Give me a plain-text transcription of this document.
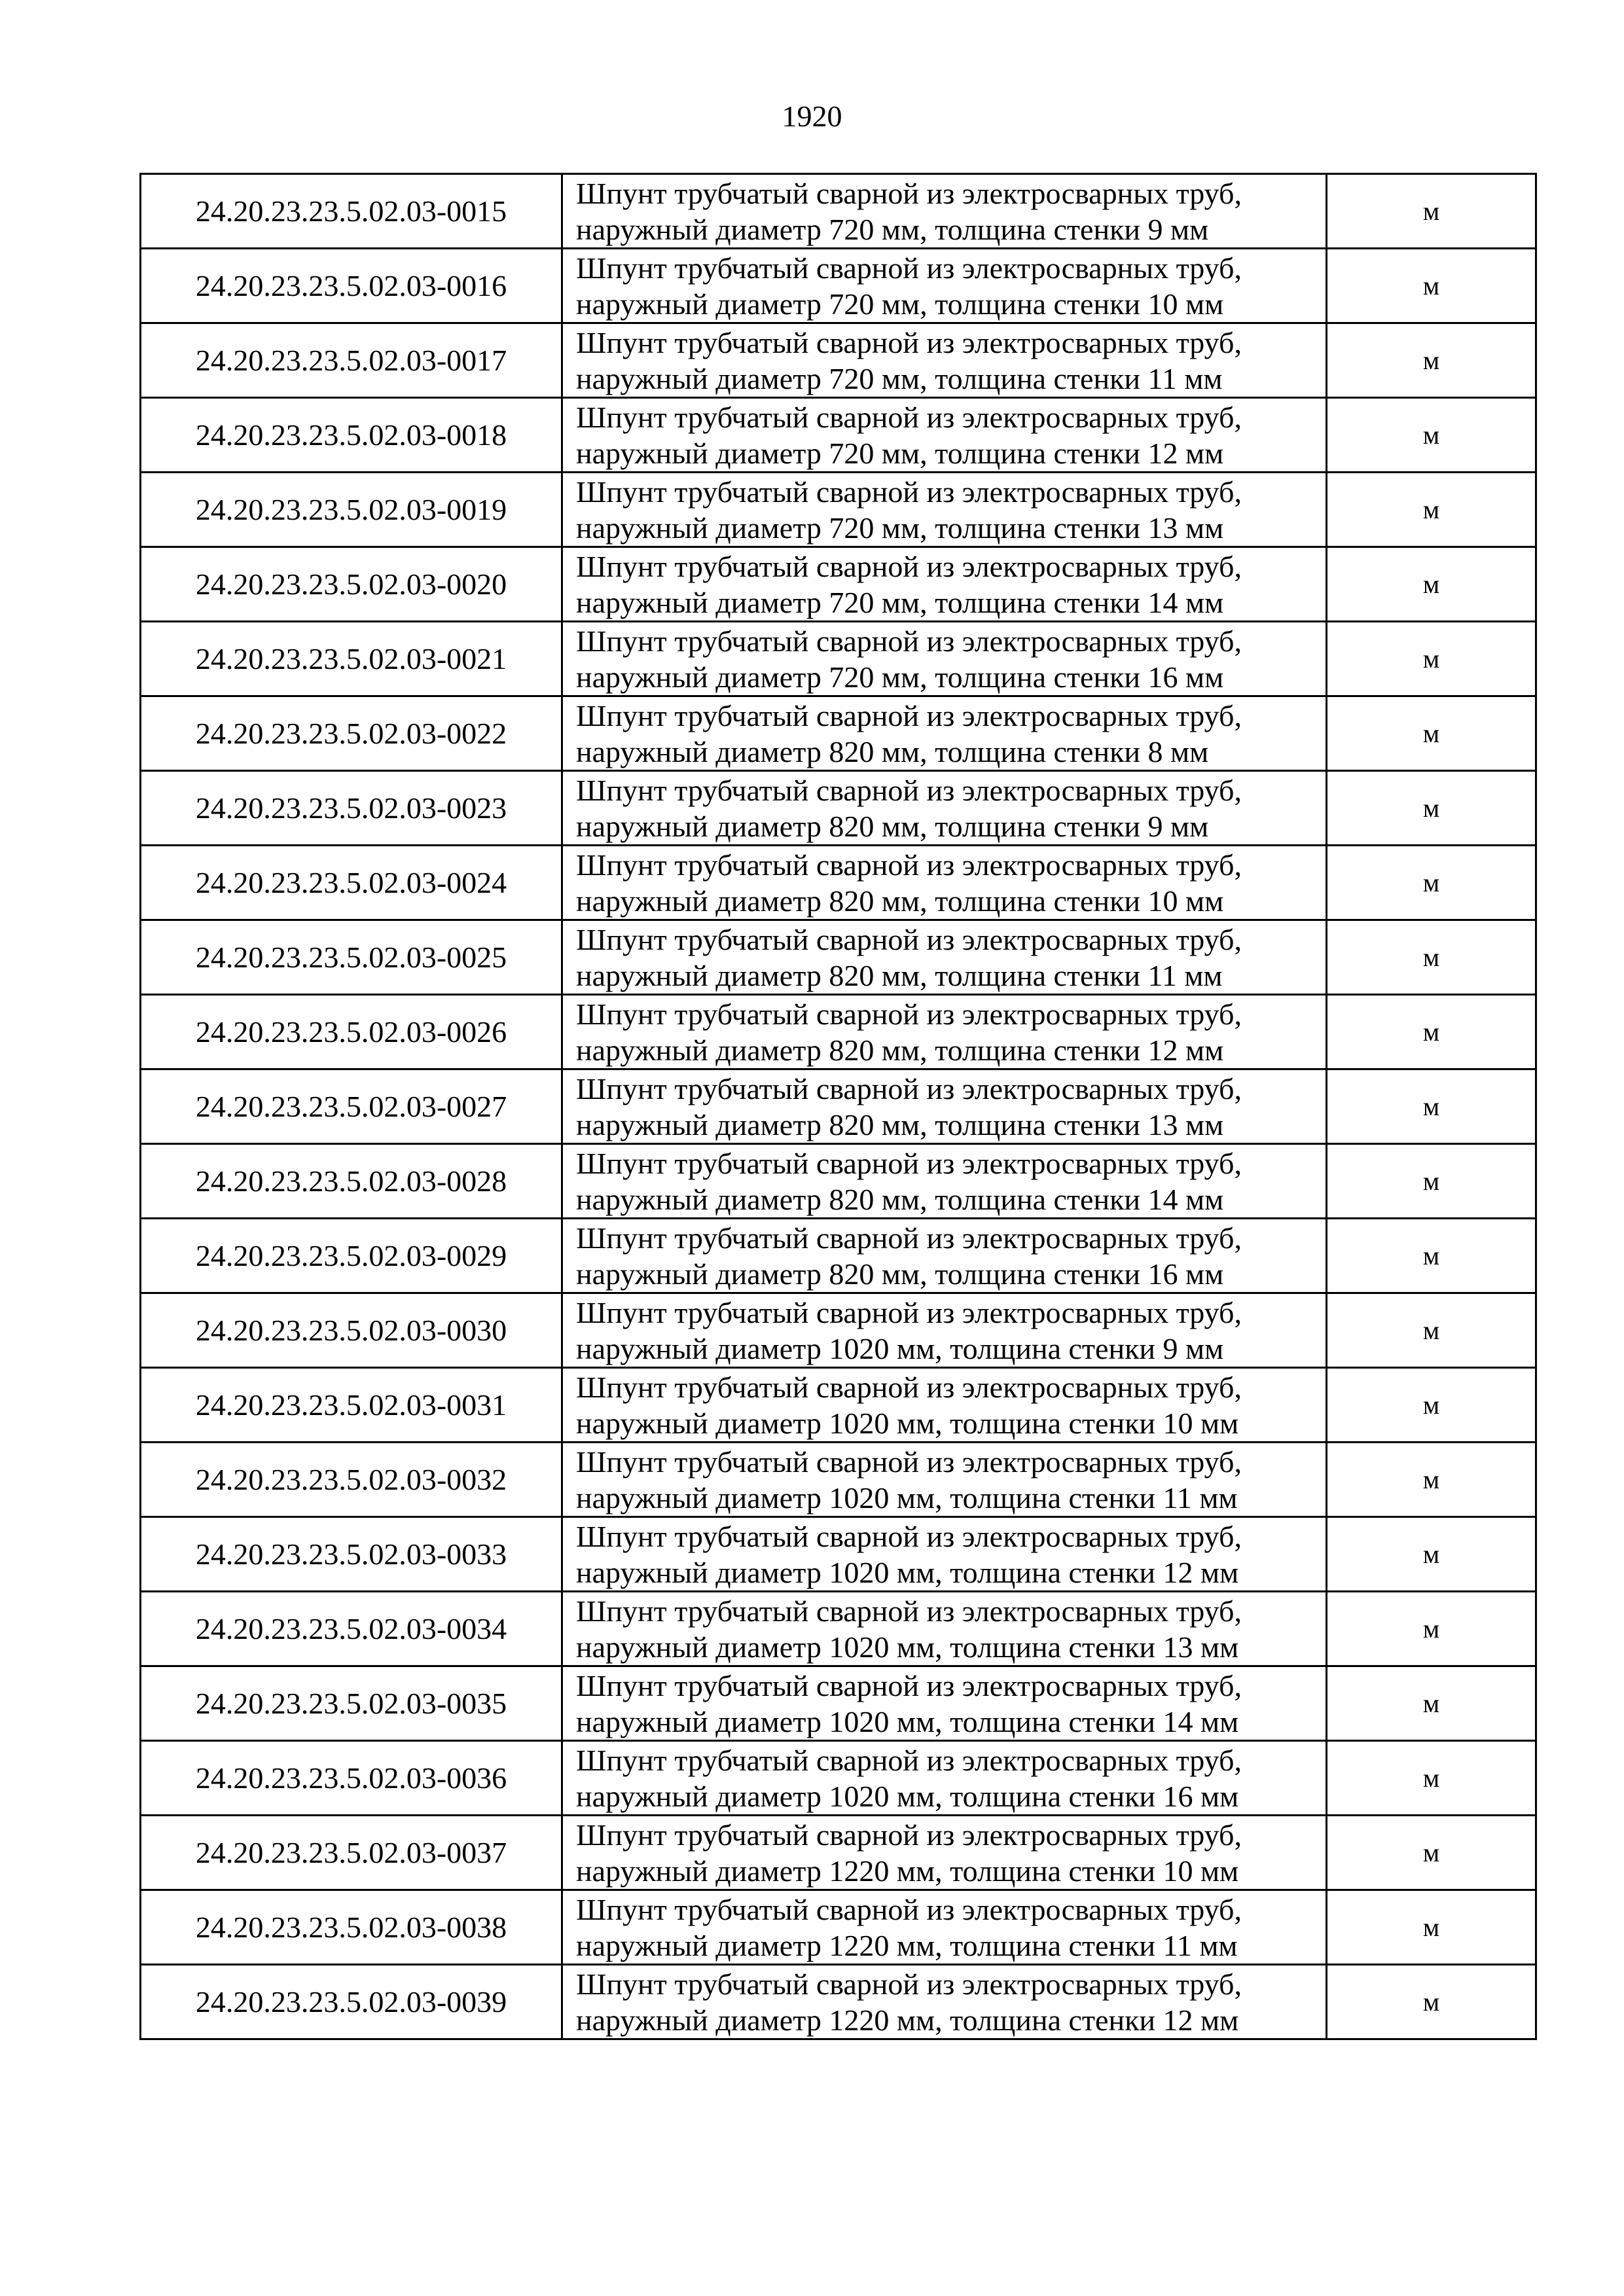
1920
24.20.23.23.5.02.03-0015	Шпунт трубчатый сварной из электросварных труб,
наружный диаметр 720 мм, толщина стенки 9 мм	м
24.20.23.23.5.02.03-0016	Шпунт трубчатый сварной из электросварных труб,
наружный диаметр 720 мм, толщина стенки 10 мм	м
24.20.23.23.5.02.03-0017	Шпунт трубчатый сварной из электросварных труб,
наружный диаметр 720 мм, толщина стенки 11 мм	м
24.20.23.23.5.02.03-0018	Шпунт трубчатый сварной из электросварных труб,
наружный диаметр 720 мм, толщина стенки 12 мм	м
24.20.23.23.5.02.03-0019	Шпунт трубчатый сварной из электросварных труб,
наружный диаметр 720 мм, толщина стенки 13 мм	м
24.20.23.23.5.02.03-0020	Шпунт трубчатый сварной из электросварных труб,
наружный диаметр 720 мм, толщина стенки 14 мм	м
24.20.23.23.5.02.03-0021	Шпунт трубчатый сварной из электросварных труб,
наружный диаметр 720 мм, толщина стенки 16 мм	м
24.20.23.23.5.02.03-0022	Шпунт трубчатый сварной из электросварных труб,
наружный диаметр 820 мм, толщина стенки 8 мм	м
24.20.23.23.5.02.03-0023	Шпунт трубчатый сварной из электросварных труб,
наружный диаметр 820 мм, толщина стенки 9 мм	м
24.20.23.23.5.02.03-0024	Шпунт трубчатый сварной из электросварных труб,
наружный диаметр 820 мм, толщина стенки 10 мм	м
24.20.23.23.5.02.03-0025	Шпунт трубчатый сварной из электросварных труб,
наружный диаметр 820 мм, толщина стенки 11 мм	м
24.20.23.23.5.02.03-0026	Шпунт трубчатый сварной из электросварных труб,
наружный диаметр 820 мм, толщина стенки 12 мм	м
24.20.23.23.5.02.03-0027	Шпунт трубчатый сварной из электросварных труб,
наружный диаметр 820 мм, толщина стенки 13 мм	м
24.20.23.23.5.02.03-0028	Шпунт трубчатый сварной из электросварных труб,
наружный диаметр 820 мм, толщина стенки 14 мм	м
24.20.23.23.5.02.03-0029	Шпунт трубчатый сварной из электросварных труб,
наружный диаметр 820 мм, толщина стенки 16 мм	м
24.20.23.23.5.02.03-0030	Шпунт трубчатый сварной из электросварных труб,
наружный диаметр 1020 мм, толщина стенки 9 мм	м
24.20.23.23.5.02.03-0031	Шпунт трубчатый сварной из электросварных труб,
наружный диаметр 1020 мм, толщина стенки 10 мм	м
24.20.23.23.5.02.03-0032	Шпунт трубчатый сварной из электросварных труб,
наружный диаметр 1020 мм, толщина стенки 11 мм	м
24.20.23.23.5.02.03-0033	Шпунт трубчатый сварной из электросварных труб,
наружный диаметр 1020 мм, толщина стенки 12 мм	м
24.20.23.23.5.02.03-0034	Шпунт трубчатый сварной из электросварных труб,
наружный диаметр 1020 мм, толщина стенки 13 мм	м
24.20.23.23.5.02.03-0035	Шпунт трубчатый сварной из электросварных труб,
наружный диаметр 1020 мм, толщина стенки 14 мм	м
24.20.23.23.5.02.03-0036	Шпунт трубчатый сварной из электросварных труб,
наружный диаметр 1020 мм, толщина стенки 16 мм	м
24.20.23.23.5.02.03-0037	Шпунт трубчатый сварной из электросварных труб,
наружный диаметр 1220 мм, толщина стенки 10 мм	м
24.20.23.23.5.02.03-0038	Шпунт трубчатый сварной из электросварных труб,
наружный диаметр 1220 мм, толщина стенки 11 мм	м
24.20.23.23.5.02.03-0039	Шпунт трубчатый сварной из электросварных труб,
наружный диаметр 1220 мм, толщина стенки 12 мм	м
